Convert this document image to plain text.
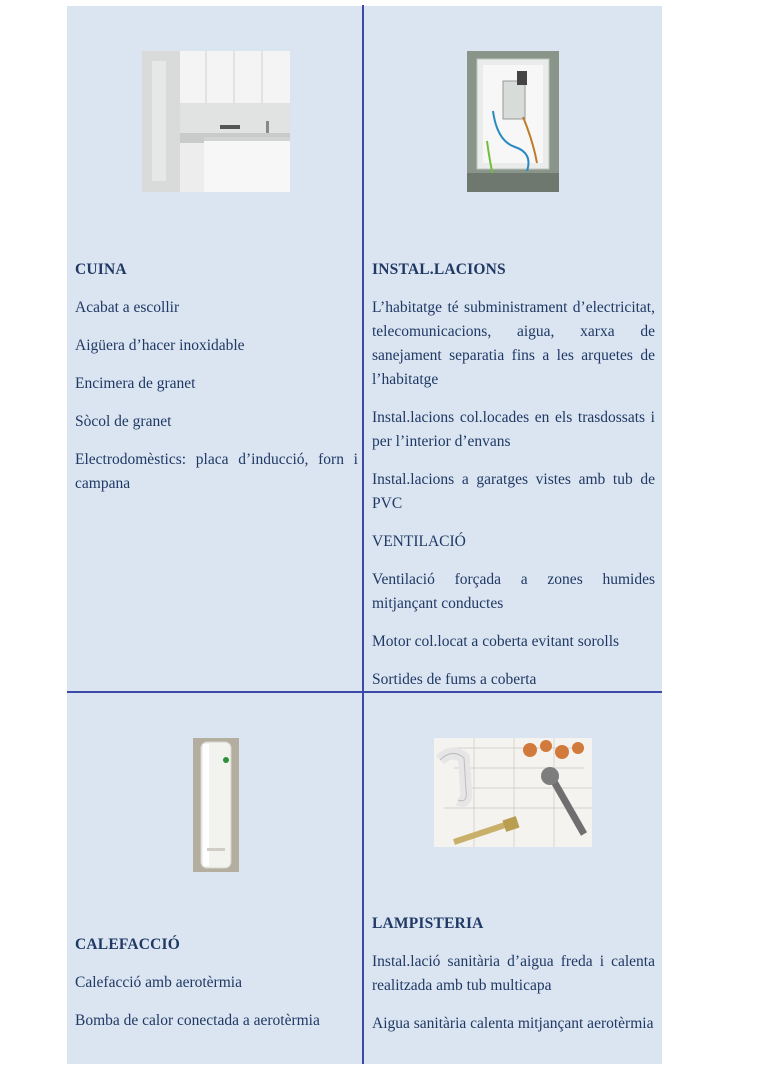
CUINA

Acabat a escollir

Aigüera d’hacer inoxidable

Encimera de granet

Sòcol de granet

Electrodomèstics: placa d’inducció, forn i campana

INSTAL.LACIONS

L’habitatge té subministrament d’electricitat, telecomunicacions, aigua, xarxa de sanejament separatia fins a les arquetes de l’habitatge

Instal.lacions col.locades en els trasdossats i per l’interior d’envans

Instal.lacions a garatges vistes amb tub de PVC

VENTILACIÓ

Ventilació forçada a zones humides mitjançant conductes

Motor col.locat a coberta evitant sorolls

Sortides de fums a coberta

CALEFACCIÓ

Calefacció amb aerotèrmia

Bomba de calor conectada a aerotèrmia

LAMPISTERIA

Instal.lació sanitària d’aigua freda i calenta realitzada amb tub multicapa

Aigua sanitària calenta mitjançant aerotèrmia
